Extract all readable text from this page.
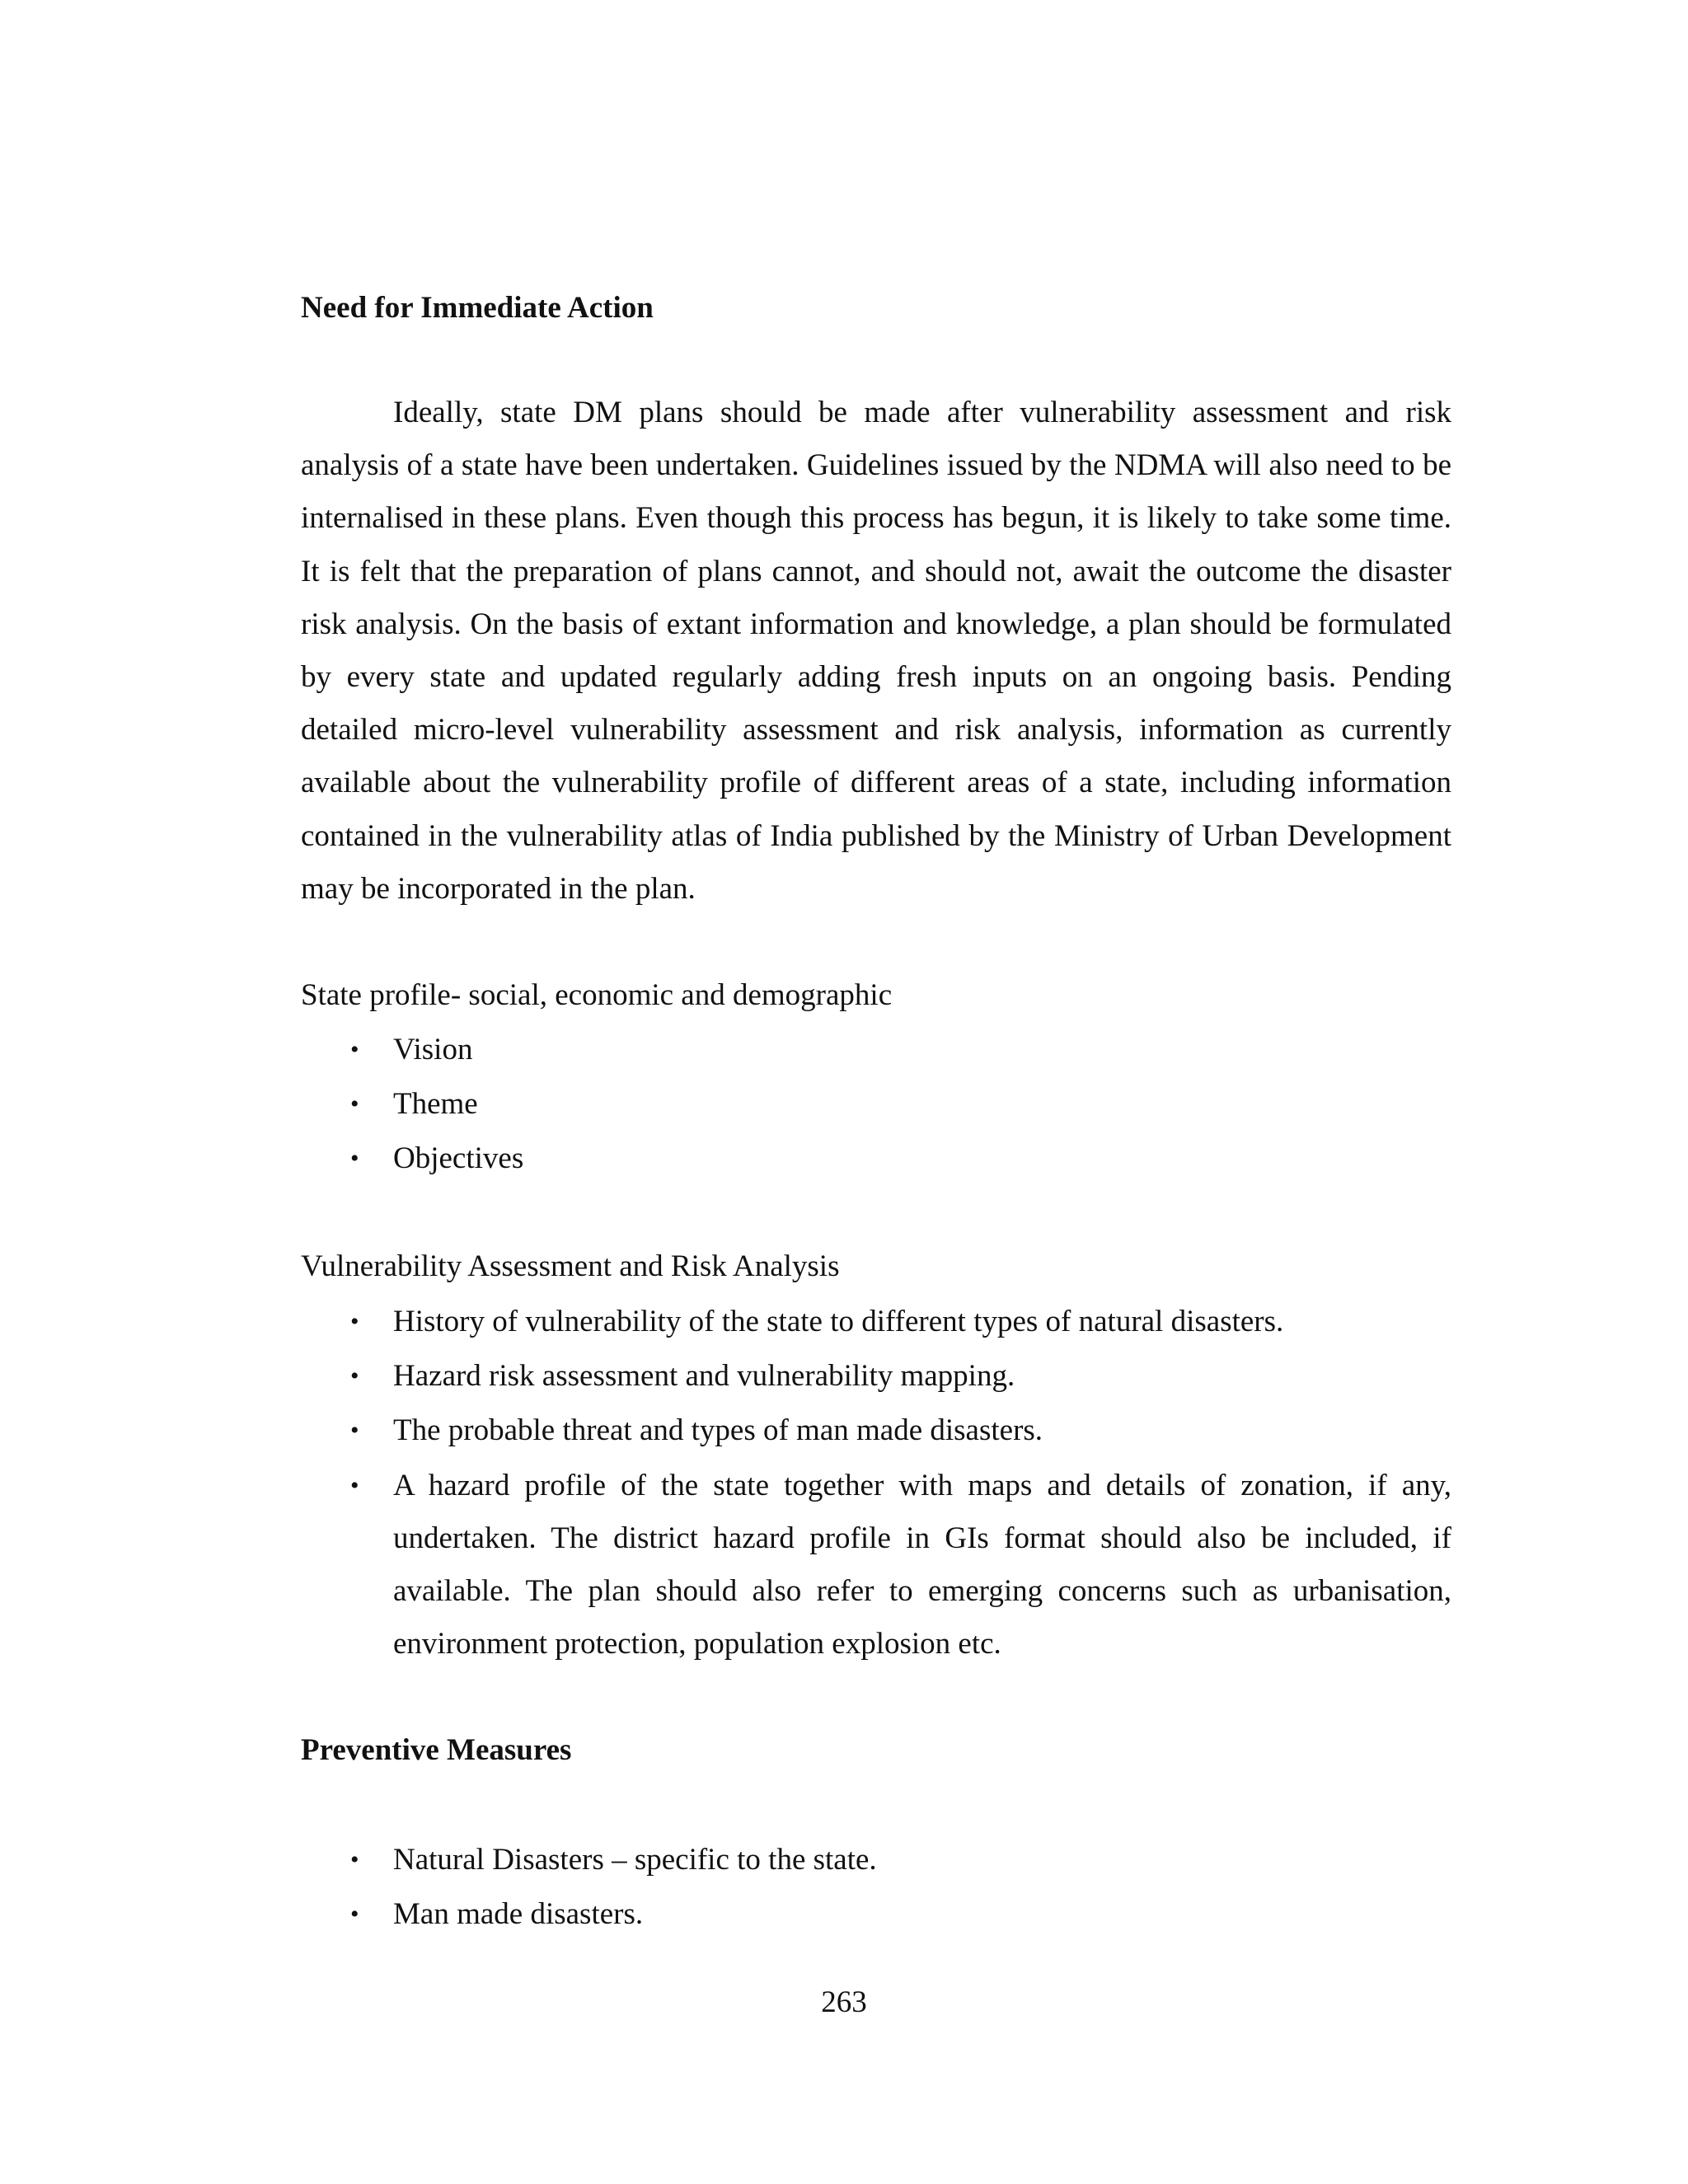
Need for Immediate Action

Ideally, state DM plans should be made after vulnerability assessment and risk analysis of a state have been undertaken. Guidelines issued by the NDMA will also need to be internalised in these plans. Even though this process has begun, it is likely to take some time. It is felt that the preparation of plans cannot, and should not, await the outcome the disaster risk analysis. On the basis of extant information and knowledge, a plan should be formulated by every state and updated regularly adding fresh inputs on an ongoing basis. Pending detailed micro-level vulnerability assessment and risk analysis, information as currently available about the vulnerability profile of different areas of a state, including information contained in the vulnerability atlas of India published by the Ministry of Urban Development may be incorporated in the plan.

State profile- social, economic and demographic

• Vision
• Theme
• Objectives

Vulnerability Assessment and Risk Analysis

• History of vulnerability of the state to different types of natural disasters.
• Hazard risk assessment and vulnerability mapping.
• The probable threat and types of man made disasters.
• A hazard profile of the state together with maps and details of zonation, if any, undertaken. The district hazard profile in GIs format should also be included, if available. The plan should also refer to emerging concerns such as urbanisation, environment protection, population explosion etc.
Preventive Measures
• Natural Disasters – specific to the state.
• Man made disasters.
263
